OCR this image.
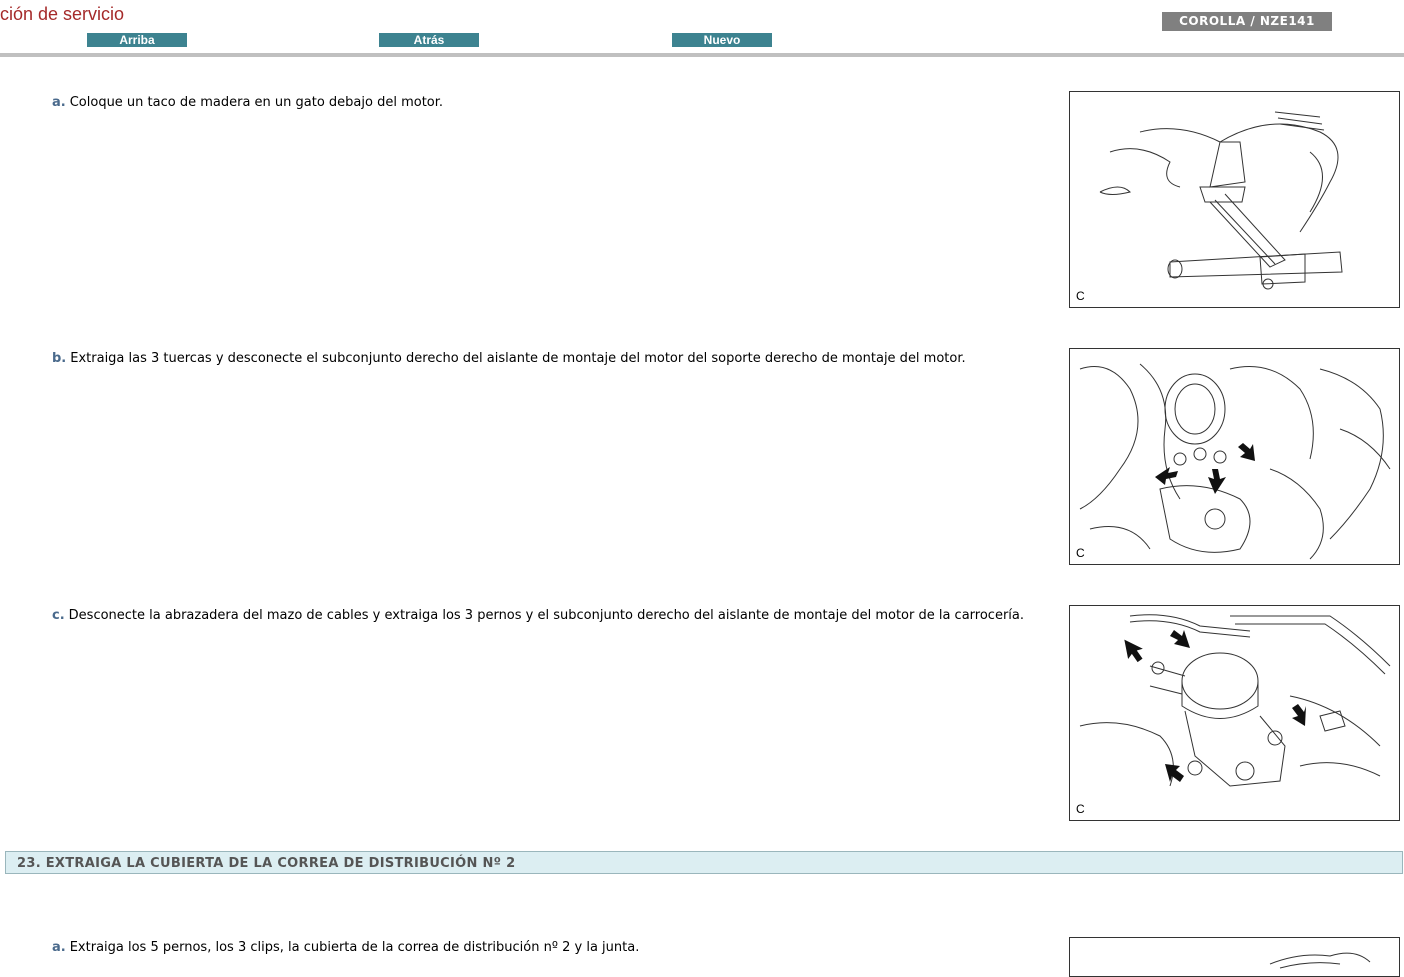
ción de servicio
Arriba	Atrás	Nuevo
COROLLA / NZE141
a. Coloque un taco de madera en un gato debajo del motor.
C
b. Extraiga las 3 tuercas y desconecte el subconjunto derecho del aislante de montaje del motor del soporte derecho de montaje del motor.
C
c. Desconecte la abrazadera del mazo de cables y extraiga los 3 pernos y el subconjunto derecho del aislante de montaje del motor de la carrocería.
C
23. EXTRAIGA LA CUBIERTA DE LA CORREA DE DISTRIBUCIÓN Nº 2
a. Extraiga los 5 pernos, los 3 clips, la cubierta de la correa de distribución nº 2 y la junta.
